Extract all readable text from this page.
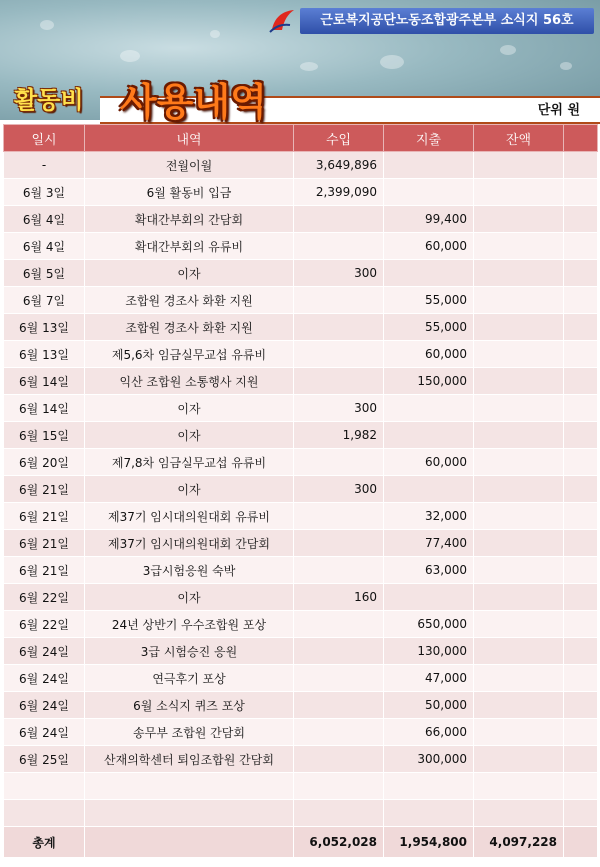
근로복지공단노동조합광주본부 소식지 56호
활동비 사용내역	단위 원
일시	내역	수입	지출	잔액	
-	전월이월	3,649,896			
6월 3일	6월 활동비 입금	2,399,090			
6월 4일	확대간부회의 간담회		99,400		
6월 4일	확대간부회의 유류비		60,000		
6월 5일	이자	300			
6월 7일	조합원 경조사 화환 지원		55,000		
6월 13일	조합원 경조사 화환 지원		55,000		
6월 13일	제5,6차 임금실무교섭 유류비		60,000		
6월 14일	익산 조합원 소통행사 지원		150,000		
6월 14일	이자	300			
6월 15일	이자	1,982			
6월 20일	제7,8차 임금실무교섭 유류비		60,000		
6월 21일	이자	300			
6월 21일	제37기 임시대의원대회 유류비		32,000		
6월 21일	제37기 임시대의원대회 간담회		77,400		
6월 21일	3급시험응원 숙박		63,000		
6월 22일	이자	160			
6월 22일	24년 상반기 우수조합원 포상		650,000		
6월 24일	3급 시험승진 응원		130,000		
6월 24일	연극후기 포상		47,000		
6월 24일	6월 소식지 퀴즈 포상		50,000		
6월 24일	송무부 조합원 간담회		66,000		
6월 25일	산재의학센터 퇴임조합원 간담회		300,000		

총계		6,052,028	1,954,800	4,097,228	
